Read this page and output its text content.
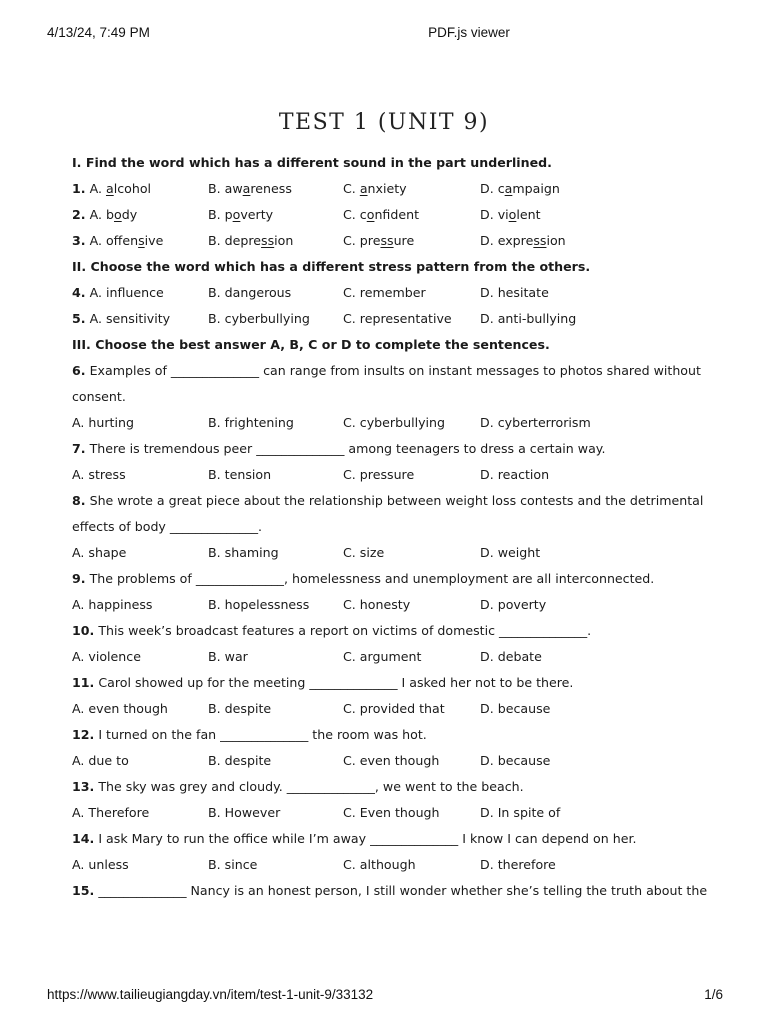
4/13/24, 7:49 PM	PDF.js viewer
TEST 1 (UNIT 9)
I. Find the word which has a different sound in the part underlined.
1. A. alcohol	B. awareness	C. anxiety	D. campaign
2. A. body	B. poverty	C. confident	D. violent
3. A. offensive	B. depression	C. pressure	D. expression
II. Choose the word which has a different stress pattern from the others.
4. A. influence	B. dangerous	C. remember	D. hesitate
5. A. sensitivity	B. cyberbullying	C. representative D. anti-bullying
III. Choose the best answer A, B, C or D to complete the sentences.
6. Examples of ______________ can range from insults on instant messages to photos shared without
consent.
A. hurting	B. frightening	C. cyberbullying	D. cyberterrorism
7. There is tremendous peer ______________ among teenagers to dress a certain way.
A. stress	B. tension	C. pressure	D. reaction
8. She wrote a great piece about the relationship between weight loss contests and the detrimental
effects of body ______________.
A. shape	B. shaming	C. size	D. weight
9. The problems of ______________, homelessness and unemployment are all interconnected.
A. happiness	B. hopelessness	C. honesty	D. poverty
10. This week’s broadcast features a report on victims of domestic ______________.
A. violence	B. war	C. argument	D. debate
11. Carol showed up for the meeting ______________ I asked her not to be there.
A. even though	B. despite	C. provided that	D. because
12. I turned on the fan ______________ the room was hot.
A. due to	B. despite	C. even though	D. because
13. The sky was grey and cloudy. ______________, we went to the beach.
A. Therefore	B. However	C. Even though	D. In spite of
14. I ask Mary to run the office while I’m away ______________ I know I can depend on her.
A. unless	B. since	C. although	D. therefore
15. ______________ Nancy is an honest person, I still wonder whether she’s telling the truth about the
https://www.tailieugiangday.vn/item/test-1-unit-9/33132	1/6
